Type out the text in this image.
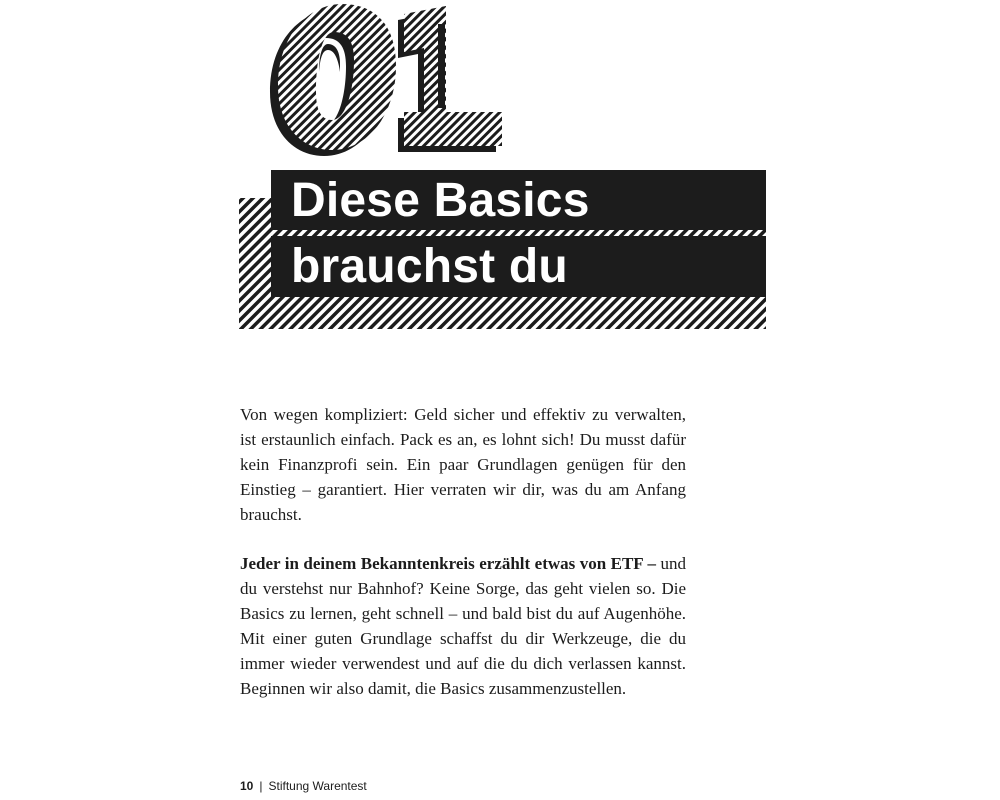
Diese Basics
brauchst du

Von wegen kompliziert: Geld sicher und effektiv zu verwalten, ist erstaunlich einfach. Pack es an, es lohnt sich! Du musst dafür kein Finanzprofi sein. Ein paar Grundlagen genügen für den Einstieg – garantiert. Hier verraten wir dir, was du am Anfang brauchst.

Jeder in deinem Bekanntenkreis erzählt etwas von ETF – und du verstehst nur Bahnhof? Keine Sorge, das geht vielen so. Die Basics zu lernen, geht schnell – und bald bist du auf Augenhöhe. Mit einer guten Grundlage schaffst du dir Werkzeuge, die du immer wieder verwendest und auf die du dich verlassen kannst. Beginnen wir also damit, die Basics zusammenzustellen.

10 | Stiftung Warentest
